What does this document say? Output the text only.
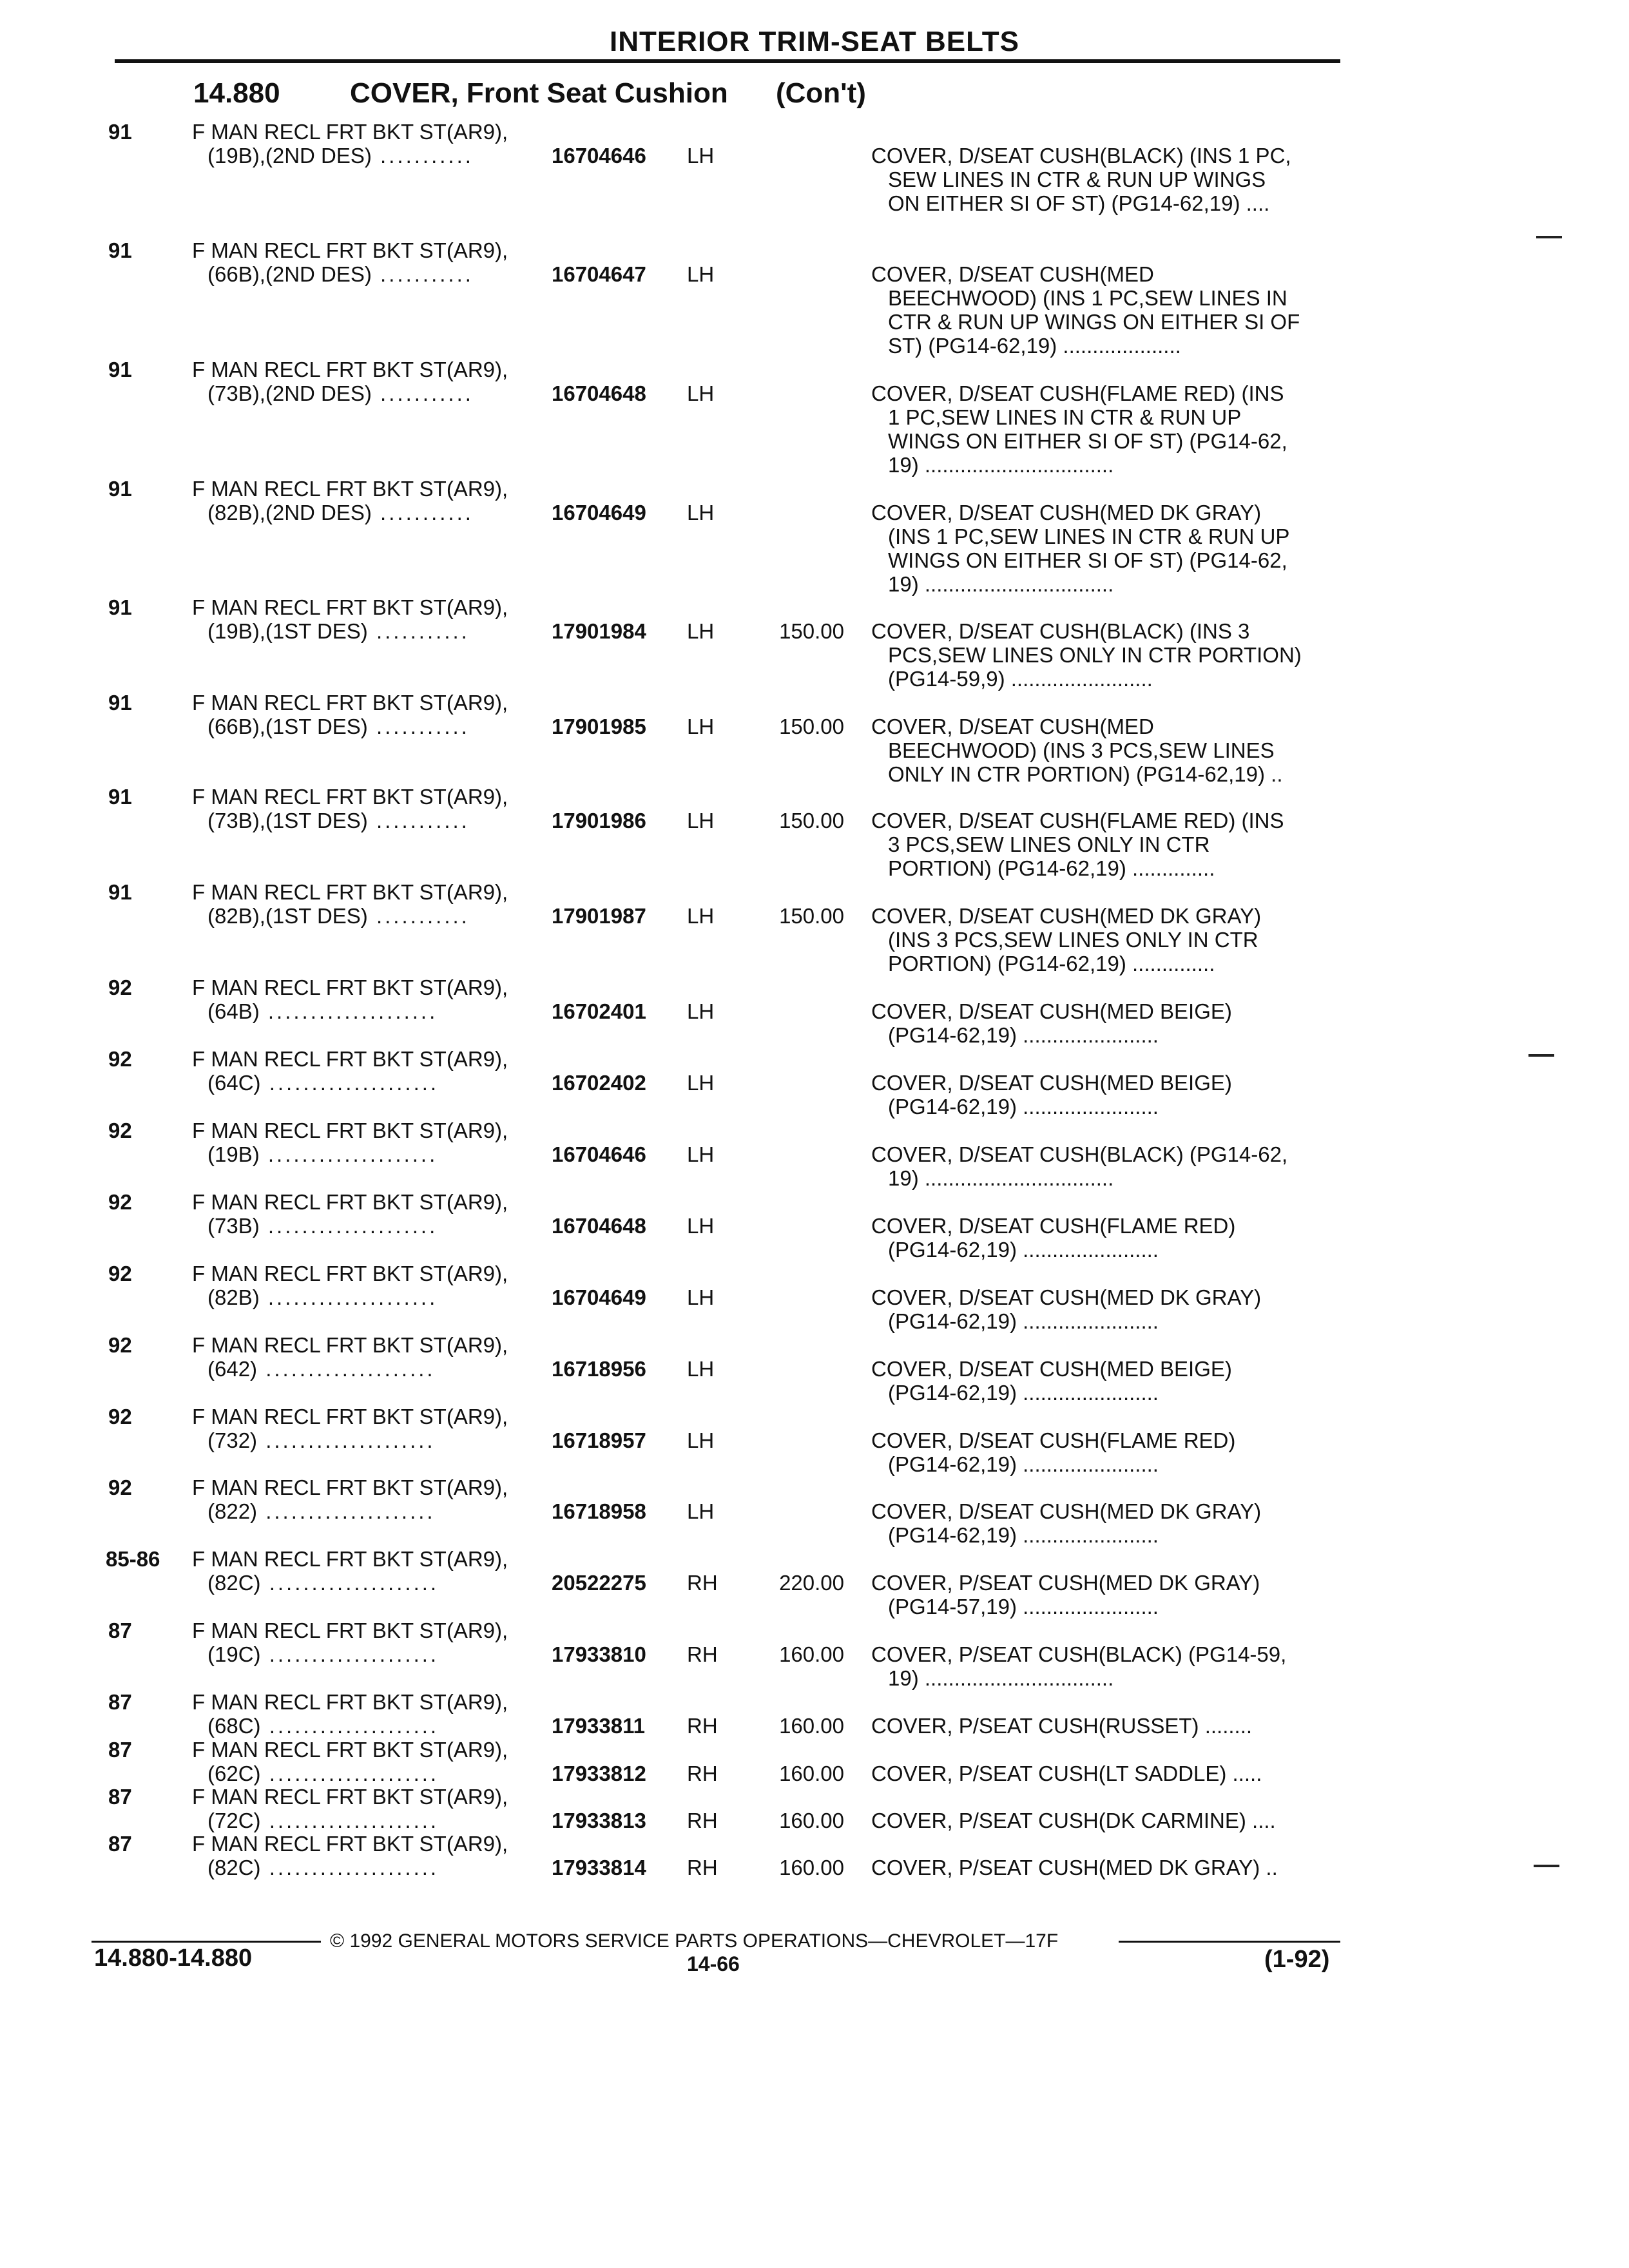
INTERIOR TRIM-SEAT BELTS
14.880 COVER, Front Seat Cushion (Con't)
91	F MAN RECL FRT BKT ST(AR9),
(19B),(2ND DES) ...........	16704646 LH	COVER, D/SEAT CUSH(BLACK) (INS 1 PC,
SEW LINES IN CTR & RUN UP WINGS
ON EITHER SI OF ST) (PG14-62,19) ....
91	F MAN RECL FRT BKT ST(AR9),
(66B),(2ND DES) ...........	16704647 LH	COVER, D/SEAT CUSH(MED
BEECHWOOD) (INS 1 PC,SEW LINES IN
CTR & RUN UP WINGS ON EITHER SI OF
ST) (PG14-62,19) ....................
91	F MAN RECL FRT BKT ST(AR9),
(73B),(2ND DES) ...........	16704648 LH	COVER, D/SEAT CUSH(FLAME RED) (INS
1 PC,SEW LINES IN CTR & RUN UP
WINGS ON EITHER SI OF ST) (PG14-62,
19) ................................
91	F MAN RECL FRT BKT ST(AR9),
(82B),(2ND DES) ...........	16704649 LH	COVER, D/SEAT CUSH(MED DK GRAY)
(INS 1 PC,SEW LINES IN CTR & RUN UP
WINGS ON EITHER SI OF ST) (PG14-62,
19) ................................
91	F MAN RECL FRT BKT ST(AR9),
(19B),(1ST DES) ...........	17901984 LH	150.00 COVER, D/SEAT CUSH(BLACK) (INS 3
PCS,SEW LINES ONLY IN CTR PORTION)
(PG14-59,9) ........................
91	F MAN RECL FRT BKT ST(AR9),
(66B),(1ST DES) ...........	17901985 LH	150.00 COVER, D/SEAT CUSH(MED
BEECHWOOD) (INS 3 PCS,SEW LINES
ONLY IN CTR PORTION) (PG14-62,19) ..
91	F MAN RECL FRT BKT ST(AR9),
(73B),(1ST DES) ...........	17901986 LH	150.00 COVER, D/SEAT CUSH(FLAME RED) (INS
3 PCS,SEW LINES ONLY IN CTR
PORTION) (PG14-62,19) ..............
91	F MAN RECL FRT BKT ST(AR9),
(82B),(1ST DES) ...........	17901987 LH	150.00 COVER, D/SEAT CUSH(MED DK GRAY)
(INS 3 PCS,SEW LINES ONLY IN CTR
PORTION) (PG14-62,19) ..............
92	F MAN RECL FRT BKT ST(AR9),
(64B) ....................	16702401 LH	COVER, D/SEAT CUSH(MED BEIGE)
(PG14-62,19) .......................
92	F MAN RECL FRT BKT ST(AR9),
(64C) ....................	16702402 LH	COVER, D/SEAT CUSH(MED BEIGE)
(PG14-62,19) .......................
92	F MAN RECL FRT BKT ST(AR9),
(19B) ....................	16704646 LH	COVER, D/SEAT CUSH(BLACK) (PG14-62,
19) ................................
92	F MAN RECL FRT BKT ST(AR9),
(73B) ....................	16704648 LH	COVER, D/SEAT CUSH(FLAME RED)
(PG14-62,19) .......................
92	F MAN RECL FRT BKT ST(AR9),
(82B) ....................	16704649 LH	COVER, D/SEAT CUSH(MED DK GRAY)
(PG14-62,19) .......................
92	F MAN RECL FRT BKT ST(AR9),
(642) ....................	16718956 LH	COVER, D/SEAT CUSH(MED BEIGE)
(PG14-62,19) .......................
92	F MAN RECL FRT BKT ST(AR9),
(732) ....................	16718957 LH	COVER, D/SEAT CUSH(FLAME RED)
(PG14-62,19) .......................
92	F MAN RECL FRT BKT ST(AR9),
(822) ....................	16718958 LH	COVER, D/SEAT CUSH(MED DK GRAY)
(PG14-62,19) .......................
85-86	F MAN RECL FRT BKT ST(AR9),
(82C) ....................	20522275 RH	220.00 COVER, P/SEAT CUSH(MED DK GRAY)
(PG14-57,19) .......................
87	F MAN RECL FRT BKT ST(AR9),
(19C) ....................	17933810 RH	160.00 COVER, P/SEAT CUSH(BLACK) (PG14-59,
19) ................................
87	F MAN RECL FRT BKT ST(AR9),
(68C) ....................	17933811 RH	160.00 COVER, P/SEAT CUSH(RUSSET) ........
87	F MAN RECL FRT BKT ST(AR9),
(62C) ....................	17933812 RH	160.00 COVER, P/SEAT CUSH(LT SADDLE) .....
87	F MAN RECL FRT BKT ST(AR9),
(72C) ....................	17933813 RH	160.00 COVER, P/SEAT CUSH(DK CARMINE) ....
87	F MAN RECL FRT BKT ST(AR9),
(82C) ....................	17933814 RH	160.00 COVER, P/SEAT CUSH(MED DK GRAY) ..
© 1992 GENERAL MOTORS SERVICE PARTS OPERATIONS—CHEVROLET—17F
14.880-14.880	14-66	(1-92)
